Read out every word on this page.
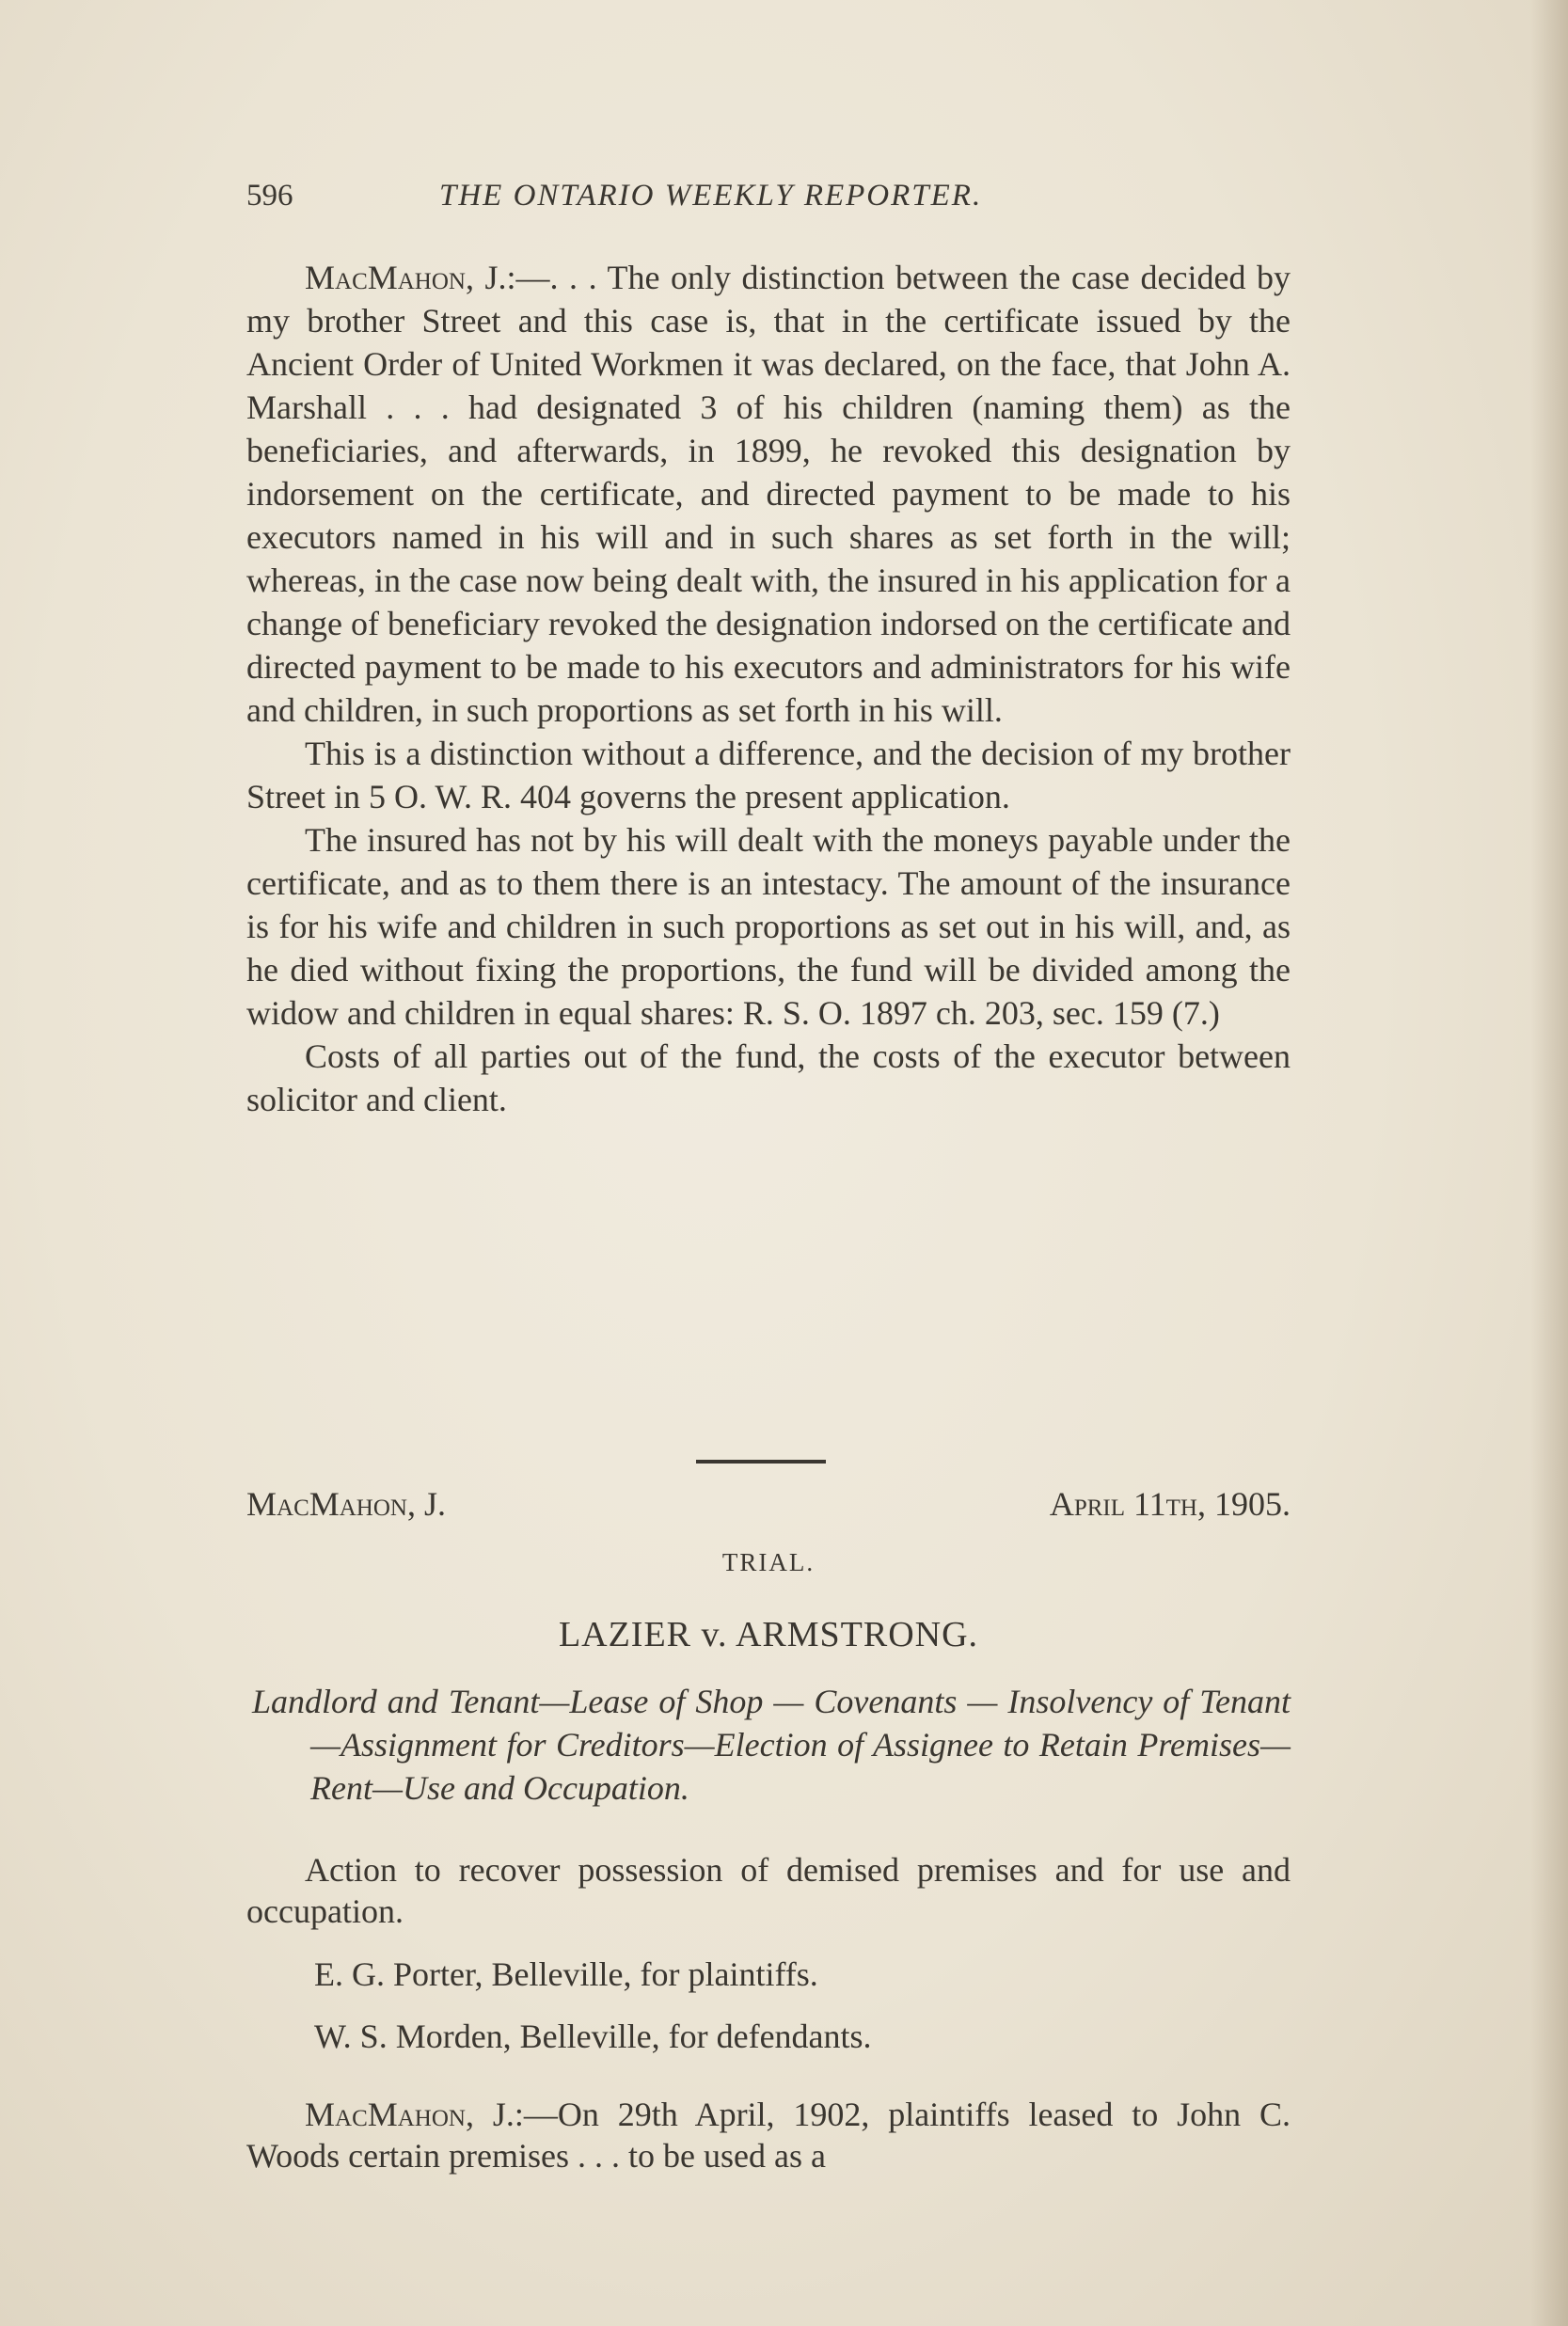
596	THE ONTARIO WEEKLY REPORTER.

MacMahon, J.:—. . . The only distinction between the case decided by my brother Street and this case is, that in the certificate issued by the Ancient Order of United Workmen it was declared, on the face, that John A. Marshall . . . had designated 3 of his children (naming them) as the beneficiaries, and afterwards, in 1899, he revoked this designation by indorsement on the certificate, and directed payment to be made to his executors named in his will and in such shares as set forth in the will; whereas, in the case now being dealt with, the insured in his application for a change of beneficiary revoked the designation indorsed on the certificate and directed payment to be made to his executors and administrators for his wife and children, in such proportions as set forth in his will.

This is a distinction without a difference, and the decision of my brother Street in 5 O. W. R. 404 governs the present application.

The insured has not by his will dealt with the moneys payable under the certificate, and as to them there is an intestacy. The amount of the insurance is for his wife and children in such proportions as set out in his will, and, as he died without fixing the proportions, the fund will be divided among the widow and children in equal shares: R. S. O. 1897 ch. 203, sec. 159 (7.)

Costs of all parties out of the fund, the costs of the executor between solicitor and client.

MacMahon, J.	April 11th, 1905.
TRIAL.
LAZIER v. ARMSTRONG.
Landlord and Tenant—Lease of Shop — Covenants — Insolvency of Tenant—Assignment for Creditors—Election of Assignee to Retain Premises—Rent—Use and Occupation.

Action to recover possession of demised premises and for use and occupation.

E. G. Porter, Belleville, for plaintiffs.
W. S. Morden, Belleville, for defendants.

MacMahon, J.:—On 29th April, 1902, plaintiffs leased to John C. Woods certain premises . . . to be used as a
